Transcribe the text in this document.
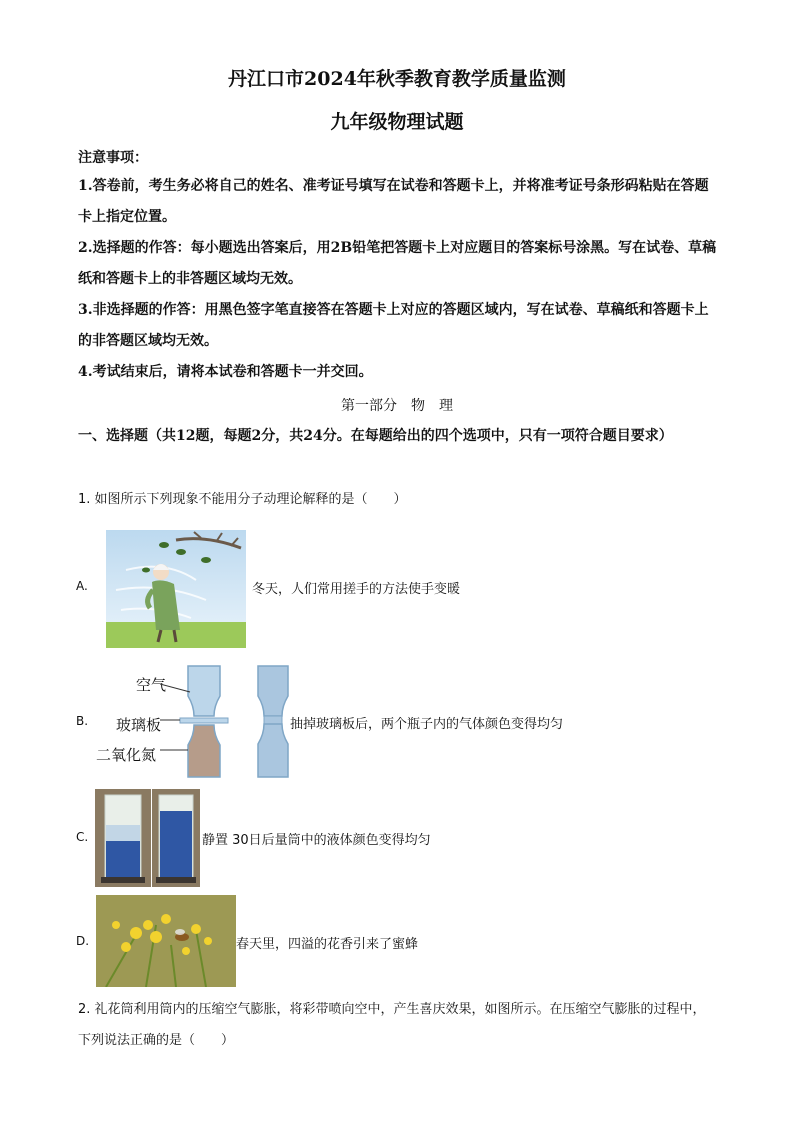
丹江口市2024年秋季教育教学质量监测
九年级物理试题
注意事项：
1.答卷前，考生务必将自己的姓名、准考证号填写在试卷和答题卡上，并将准考证号条形码粘贴在答题卡上指定位置。
2.选择题的作答：每小题选出答案后，用2B铅笔把答题卡上对应题目的答案标号涂黑。写在试卷、草稿纸和答题卡上的非答题区域均无效。
3.非选择题的作答：用黑色签字笔直接答在答题卡上对应的答题区域内，写在试卷、草稿纸和答题卡上的非答题区域均无效。
4.考试结束后，请将本试卷和答题卡一并交回。
第一部分　物　理
一、选择题（共12题，每题2分，共24分。在每题给出的四个选项中，只有一项符合题目要求）
1. 如图所示下列现象不能用分子动理论解释的是（　　）
A.	冬天，人们常用搓手的方法使手变暖
B.
空气
玻璃板
二氧化氮
抽掉玻璃板后，两个瓶子内的气体颜色变得均匀
C.	静置 30日后量筒中的液体颜色变得均匀
D.	春天里，四溢的花香引来了蜜蜂
2. 礼花筒利用筒内的压缩空气膨胀，将彩带喷向空中，产生喜庆效果，如图所示。在压缩空气膨胀的过程中，下列说法正确的是（　　）
